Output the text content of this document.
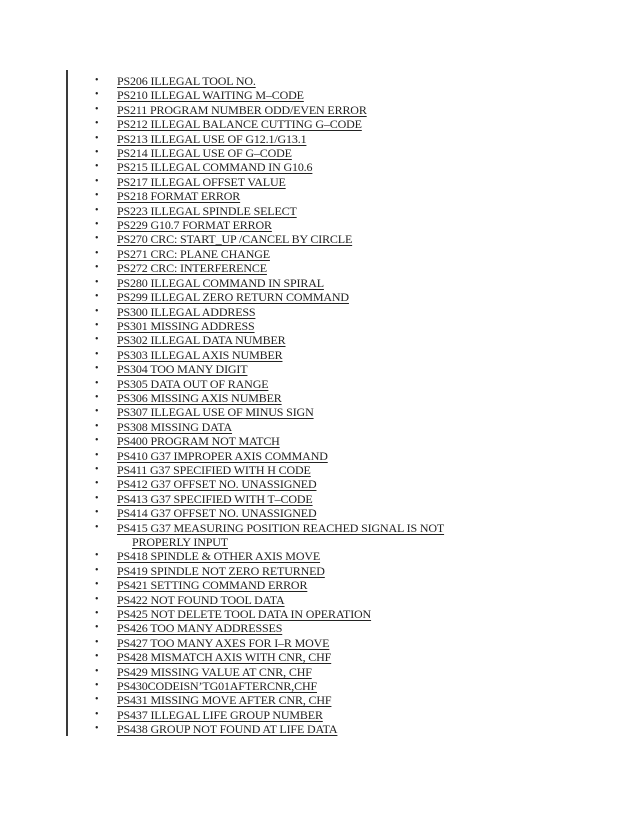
• PS206 ILLEGAL TOOL NO.
• PS210 ILLEGAL WAITING M–CODE
• PS211 PROGRAM NUMBER ODD/EVEN ERROR
• PS212 ILLEGAL BALANCE CUTTING G–CODE
• PS213 ILLEGAL USE OF G12.1/G13.1
• PS214 ILLEGAL USE OF G–CODE
• PS215 ILLEGAL COMMAND IN G10.6
• PS217 ILLEGAL OFFSET VALUE
• PS218 FORMAT ERROR
• PS223 ILLEGAL SPINDLE SELECT
• PS229 G10.7 FORMAT ERROR
• PS270 CRC: START_UP /CANCEL BY CIRCLE
• PS271 CRC: PLANE CHANGE
• PS272 CRC: INTERFERENCE
• PS280 ILLEGAL COMMAND IN SPIRAL
• PS299 ILLEGAL ZERO RETURN COMMAND
• PS300 ILLEGAL ADDRESS
• PS301 MISSING ADDRESS
• PS302 ILLEGAL DATA NUMBER
• PS303 ILLEGAL AXIS NUMBER
• PS304 TOO MANY DIGIT
• PS305 DATA OUT OF RANGE
• PS306 MISSING AXIS NUMBER
• PS307 ILLEGAL USE OF MINUS SIGN
• PS308 MISSING DATA
• PS400 PROGRAM NOT MATCH
• PS410 G37 IMPROPER AXIS COMMAND
• PS411 G37 SPECIFIED WITH H CODE
• PS412 G37 OFFSET NO. UNASSIGNED
• PS413 G37 SPECIFIED WITH T–CODE
• PS414 G37 OFFSET NO. UNASSIGNED
• PS415 G37 MEASURING POSITION REACHED SIGNAL IS NOT
PROPERLY INPUT
• PS418 SPINDLE & OTHER AXIS MOVE
• PS419 SPINDLE NOT ZERO RETURNED
• PS421 SETTING COMMAND ERROR
• PS422 NOT FOUND TOOL DATA
• PS425 NOT DELETE TOOL DATA IN OPERATION
• PS426 TOO MANY ADDRESSES
• PS427 TOO MANY AXES FOR I–R MOVE
• PS428 MISMATCH AXIS WITH CNR, CHF
• PS429 MISSING VALUE AT CNR, CHF
• PS430CODEISN’TG01AFTERCNR,CHF
• PS431 MISSING MOVE AFTER CNR, CHF
• PS437 ILLEGAL LIFE GROUP NUMBER
• PS438 GROUP NOT FOUND AT LIFE DATA
